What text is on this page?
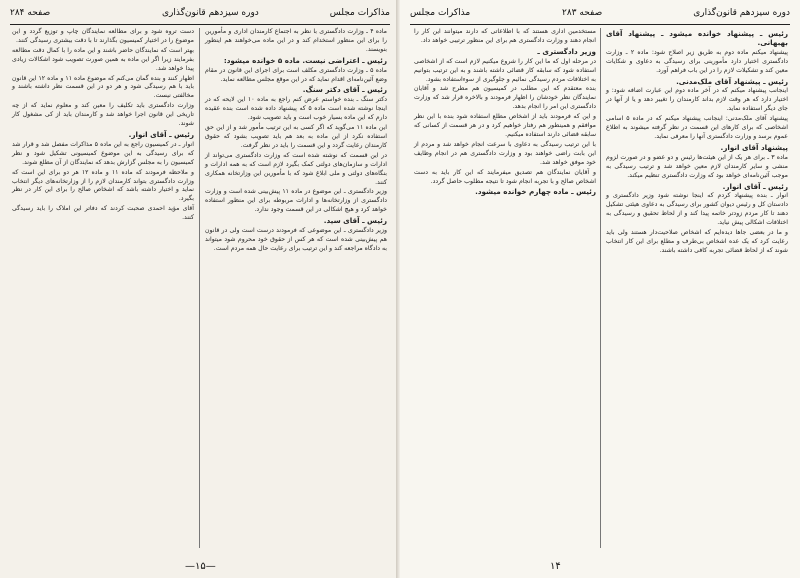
صفحه ۲۸۴	دوره سیزدهم قانون‌گذاری	مذاکرات مجلس

ماده ۴ ـ وزارت دادگستری با نظر به اجتماع کارمندان اداری و مأمورین را برای این منظور استخدام کند و در این ماده می‌خواهند هم اینطور بنویسند.

رئیس ـ اعتراضی نیست. ماده ۵ خوانده میشود:

ماده ۵ ـ وزارت دادگستری مکلف است برای اجرای این قانون در مقام وضع آئین‌نامه‌ای اقدام نماید که در این موقع مجلس مطالعه نماید.

رئیس ـ آقای دکتر سنگ.

دکتر سنگ ـ بنده خواستم عرض کنم راجع به ماده ۱۰ این لایحه که در اینجا نوشته شده است ماده ۵ که پیشنهاد داده شده است بنده عقیده دارم که این ماده بسیار خوب است و باید تصویب شود.

این ماده ۱۱ می‌گوید که اگر کسی به این ترتیب مأمور شد و از این حق استفاده نکرد از این ماده به بعد هم باید تصویب بشود که حقوق کارمندان رعایت گردد و این قسمت را باید در نظر گرفت.

در این قسمت که نوشته شده است که وزارت دادگستری می‌تواند از ادارات و سازمان‌های دولتی کمک بگیرد لازم است که به همه ادارات و بنگاه‌های دولتی و ملی ابلاغ شود که با مأمورین این وزارتخانه همکاری کنند.

وزیر دادگستری ـ این موضوع در ماده ۱۱ پیش‌بینی شده است و وزارت دادگستری از وزارتخانه‌ها و ادارات مربوطه برای این منظور استفاده خواهد کرد و هیچ اشکالی در این قسمت وجود ندارد.

رئیس ـ آقای سید.

وزیر دادگستری ـ این موضوعی که فرمودند درست است ولی در قانون هم پیش‌بینی شده است که هر کس از حقوق خود محروم شود میتواند به دادگاه مراجعه کند و این ترتیب برای رعایت حال همه مردم است.

دست تروه شود و برای مطالعه نمایندگان چاپ و توزیع گردد و این موضوع را در اختیار کمیسیون بگذارند تا با دقت بیشتری رسیدگی کنند.

بهتر است که نمایندگان حاضر باشند و این ماده را با کمال دقت مطالعه بفرمایند زیرا اگر این ماده به همین صورت تصویب شود اشکالات زیادی پیدا خواهد شد.

اظهار کنند و بنده گمان می‌کنم که موضوع ماده ۱۱ و ماده ۱۲ این قانون باید با هم رسیدگی شود و هر دو در این قسمت نظر داشته باشند و مخالفتی نیست.

وزارت دادگستری باید تکلیف را معین کند و معلوم نماید که از چه تاریخی این قانون اجرا خواهد شد و کارمندان باید از کی مشغول کار شوند.

رئیس ـ آقای انوار.

انوار ـ در کمیسیون راجع به این ماده ۵ مذاکرات مفصل شد و قرار شد که برای رسیدگی به این موضوع کمیسیونی تشکیل شود و نظر کمیسیون را به مجلس گزارش بدهد که نمایندگان از آن مطلع شوند.

و ملاحظه فرمودند که ماده ۱۱ و ماده ۱۲ هر دو برای این است که وزارت دادگستری بتواند کارمندان لازم را از وزارتخانه‌های دیگر انتخاب نماید و اختیار داشته باشد که اشخاص صالح را برای این کار در نظر بگیرد.

آقای مؤید احمدی صحبت کردند که دفاتر این املاک را باید رسیدگی کنند.

—۱۵—
مذاکرات مجلس	صفحه ۲۸۳	دوره سیزدهم قانون‌گذاری
رئیس ـ پیشنهاد خوانده میشود ـ پیشنهاد آقای بهبهانی.

پیشنهاد میکنم ماده دوم به طریق زیر اصلاح شود: ماده ۲ ـ وزارت دادگستری اختیار دارد مأمورینی برای رسیدگی به دعاوی و شکایات معین کند و تشکیلات لازم را در این باب فراهم آورد.

رئیس ـ پیشنهاد آقای ملک‌مدنی.

اینجانب پیشنهاد میکنم که در آخر ماده دوم این عبارت اضافه شود: و اختیار دارد که هر وقت لازم بداند کارمندان را تغییر دهد و یا از آنها در جای دیگر استفاده نماید.

پیشنهاد آقای ملک‌مدنی: اینجانب پیشنهاد میکنم که در ماده ۵ اسامی اشخاصی که برای کارهای این قسمت در نظر گرفته میشوند به اطلاع عموم برسد و وزارت دادگستری آنها را معرفی نماید.

پیشنهاد آقای انوار.

ماده ۳ ـ برای هر یک از این هیئت‌ها رئیس و دو عضو و در صورت لزوم منشی و سایر کارمندان لازم معین خواهد شد و ترتیب رسیدگی به موجب آئین‌نامه‌ای خواهد بود که وزارت دادگستری تنظیم میکند.

رئیس ـ آقای انوار.

انوار ـ بنده پیشنهاد کردم که اینجا نوشته شود وزیر دادگستری و دادستان کل و رئیس دیوان کشور برای رسیدگی به دعاوی هیئتی تشکیل دهند تا کار مردم زودتر خاتمه پیدا کند و از لحاظ تحقیق و رسیدگی به اختلافات اشکالی پیش نیاید.

و ما در بعضی جاها دیده‌ایم که اشخاص صلاحیت‌دار هستند ولی باید رعایت کرد که یک عده اشخاص بی‌طرف و مطلع برای این کار انتخاب شوند که از لحاظ قضائی تجربه کافی داشته باشند.

مستخدمین اداری هستند که با اطلاعاتی که دارند میتوانند این کار را انجام دهند و وزارت دادگستری هم برای این منظور ترتیبی خواهد داد.

وزیر دادگستری ـ

در مرحله اول که ما این کار را شروع میکنیم لازم است که از اشخاصی استفاده شود که سابقه کار قضائی داشته باشند و به این ترتیب بتوانیم به اختلافات مردم رسیدگی نمائیم و جلوگیری از سوء‌استفاده بشود.

بنده معتقدم که این مطلب در کمیسیون هم مطرح شد و آقایان نمایندگان نظر خودشان را اظهار فرمودند و بالاخره قرار شد که وزارت دادگستری این امر را انجام بدهد.

و این که فرمودند باید از اشخاص مطلع استفاده شود بنده با این نظر موافقم و همینطور هم رفتار خواهیم کرد و در هر قسمت از کسانی که سابقه قضائی دارند استفاده میکنیم.

با این ترتیب رسیدگی به دعاوی با سرعت انجام خواهد شد و مردم از این بابت راضی خواهند بود و وزارت دادگستری هم در انجام وظایف خود موفق خواهد شد.

و آقایان نمایندگان هم تصدیق میفرمایند که این کار باید به دست اشخاص صالح و با تجربه انجام شود تا نتیجه مطلوب حاصل گردد.

رئیس ـ ماده چهارم خوانده میشود.
۱۴
